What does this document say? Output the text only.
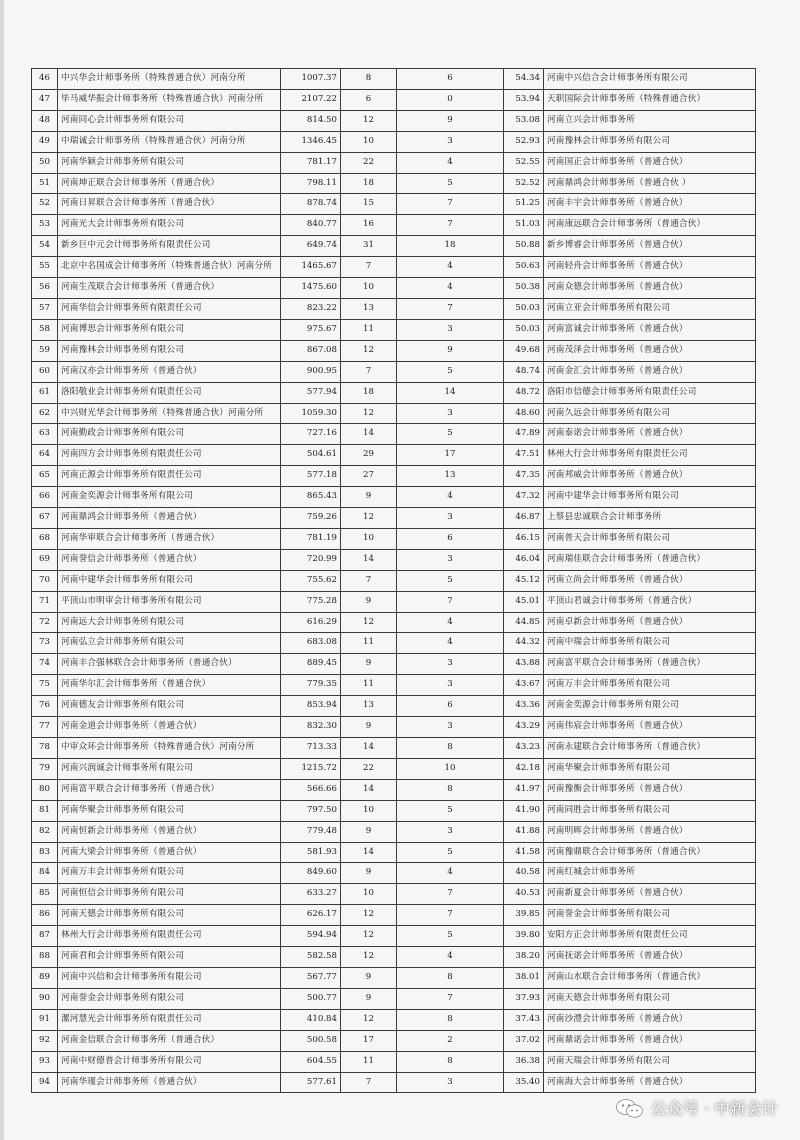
46	中兴华会计师事务所（特殊普通合伙）河南分所	1007.37	8	6	54.34	河南中兴信合会计师事务所有限公司
47	毕马威华振会计师事务所（特殊普通合伙）河南分所	2107.22	6	0	53.94	天职国际会计师事务所（特殊普通合伙）
48	河南同心会计师事务所有限公司	814.50	12	9	53.08	河南立兴会计师事务所
49	中瑞诚会计师事务所（特殊普通合伙）河南分所	1346.45	10	3	52.93	河南豫林会计师事务所有限公司
50	河南华颖会计师事务所有限公司	781.17	22	4	52.55	河南国正会计师事务所（普通合伙）
51	河南坤正联合会计师事务所（普通合伙）	798.11	18	5	52.52	河南鼎鸿会计师事务所（普通合伙 ）
52	河南日昇联合会计师事务所（普通合伙）	878.74	15	7	51.25	河南丰宇会计师事务所（普通合伙）
53	河南光大会计师事务所有限公司	840.77	16	7	51.03	河南康远联合会计师事务所（普通合伙）
54	新乡巨中元会计师事务所有限责任公司	649.74	31	18	50.88	新乡博睿会计师事务所（普通合伙）
55	北京中名国成会计师事务所（特殊普通合伙）河南分所	1465.67	7	4	50.63	河南轻舟会计师事务所（普通合伙）
56	河南生茂联合会计师事务所（普通合伙）	1475.60	10	4	50.38	河南众德会计师事务所（普通合伙）
57	河南华信会计师事务所有限责任公司	823.22	13	7	50.03	河南立亚会计师事务所有限公司
58	河南博思会计师事务所有限公司	975.67	11	3	50.03	河南富诚会计师事务所（普通合伙）
59	河南豫林会计师事务所有限公司	867.08	12	9	49.68	河南茂泽会计师事务所（普通合伙）
60	河南汉亦会计师事务所（普通合伙）	900.95	7	5	48.74	河南金汇会计师事务所（普通合伙）
61	洛阳敬业会计师事务所有限责任公司	577.94	18	14	48.72	洛阳市信德会计师事务所有限责任公司
62	中兴财光华会计师事务所（特殊普通合伙）河南分所	1059.30	12	3	48.60	河南久远会计师事务所有限公司
63	河南勤政会计师事务所有限公司	727.16	14	5	47.89	河南泰诺会计师事务所（普通合伙）
64	河南四方会计师事务所有限责任公司	504.61	29	17	47.51	林州大行会计师事务所有限责任公司
65	河南正源会计师事务所有限责任公司	577.18	27	13	47.35	河南邦威会计师事务所（普通合伙）
66	河南金奕源会计师事务所有限公司	865.43	9	4	47.32	河南中建华会计师事务所有限公司
67	河南鼎鸿会计师事务所（普通合伙）	759.26	12	3	46.87	上蔡县忠诚联合会计师事务所
68	河南华审联合会计师事务所（普通合伙）	781.19	10	6	46.15	河南普天会计师事务所有限公司
69	河南誉信会计师事务所（普通合伙）	720.99	14	3	46.04	河南瑞佳联合会计师事务所（普通合伙）
70	河南中建华会计师事务所有限公司	755.62	7	5	45.12	河南立尚会计师事务所（普通合伙）
71	平顶山市明审会计师事务所有限公司	775.28	9	7	45.01	平顶山君诚会计师事务所（普通合伙）
72	河南远大会计师事务所有限公司	616.29	12	4	44.85	河南卓新会计师事务所（普通合伙）
73	河南弘立会计师事务所有限公司	683.08	11	4	44.32	河南中瑞会计师事务所有限公司
74	河南丰合强林联合会计师事务所（普通合伙）	889.45	9	3	43.88	河南富平联合会计师事务所（普通合伙）
75	河南华尔汇会计师事务所（普通合伙）	779.35	11	3	43.67	河南万丰会计师事务所有限公司
76	河南德友会计师事务所有限公司	853.94	13	6	43.36	河南金奕源会计师事务所有限公司
77	河南金道会计师事务所（普通合伙）	832.30	9	3	43.29	河南伟宸会计师事务所（普通合伙）
78	中审众环会计师事务所（特殊普通合伙）河南分所	713.33	14	8	43.23	河南永建联合会计师事务所（普通合伙）
79	河南兴润诚会计师事务所有限公司	1215.72	22	10	42.18	河南华聚会计师事务所有限公司
80	河南富平联合会计师事务所（普通合伙）	566.66	14	8	41.97	河南豫衡会计师事务所（普通合伙）
81	河南华聚会计师事务所有限公司	797.50	10	5	41.90	河南同胜会计师事务所有限公司
82	河南恒新会计师事务所（普通合伙）	779.48	9	3	41.88	河南明晖会计师事务所（普通合伙）
83	河南大梁会计师事务所（普通合伙）	581.93	14	5	41.58	河南豫鼎联合会计师事务所（普通合伙）
84	河南万丰会计师事务所有限公司	849.60	9	4	40.58	河南红城会计师事务所
85	河南恒信会计师事务所有限公司	633.27	10	7	40.53	河南新夏会计师事务所（普通合伙）
86	河南天德会计师事务所有限公司	626.17	12	7	39.85	河南誉金会计师事务所有限公司
87	林州大行会计师事务所有限责任公司	594.94	12	5	39.80	安阳方正会计师事务所有限责任公司
88	河南君和会计师事务所有限公司	582.58	12	4	38.20	河南抚诺会计师事务所（普通合伙）
89	河南中兴信和会计师事务所有限公司	567.77	9	8	38.01	河南山水联合会计师事务所（普通合伙）
90	河南誉金会计师事务所有限公司	500.77	9	7	37.93	河南天德会计师事务所有限公司
91	漯河慧光会计师事务所有限责任公司	410.84	12	8	37.43	河南沙澧会计师事务所（普通合伙）
92	河南金信联合会计师事务所（普通合伙）	500.58	17	2	37.02	河南鼎诺会计师事务所（普通合伙）
93	河南中财德普会计师事务所有限公司	604.55	11	8	36.38	河南天瑞会计师事务所有限公司
94	河南华瑾会计师事务所（普通合伙）	577.61	7	3	35.40	河南海大会计师事务所（普通合伙）
公众号 · 中新会计
